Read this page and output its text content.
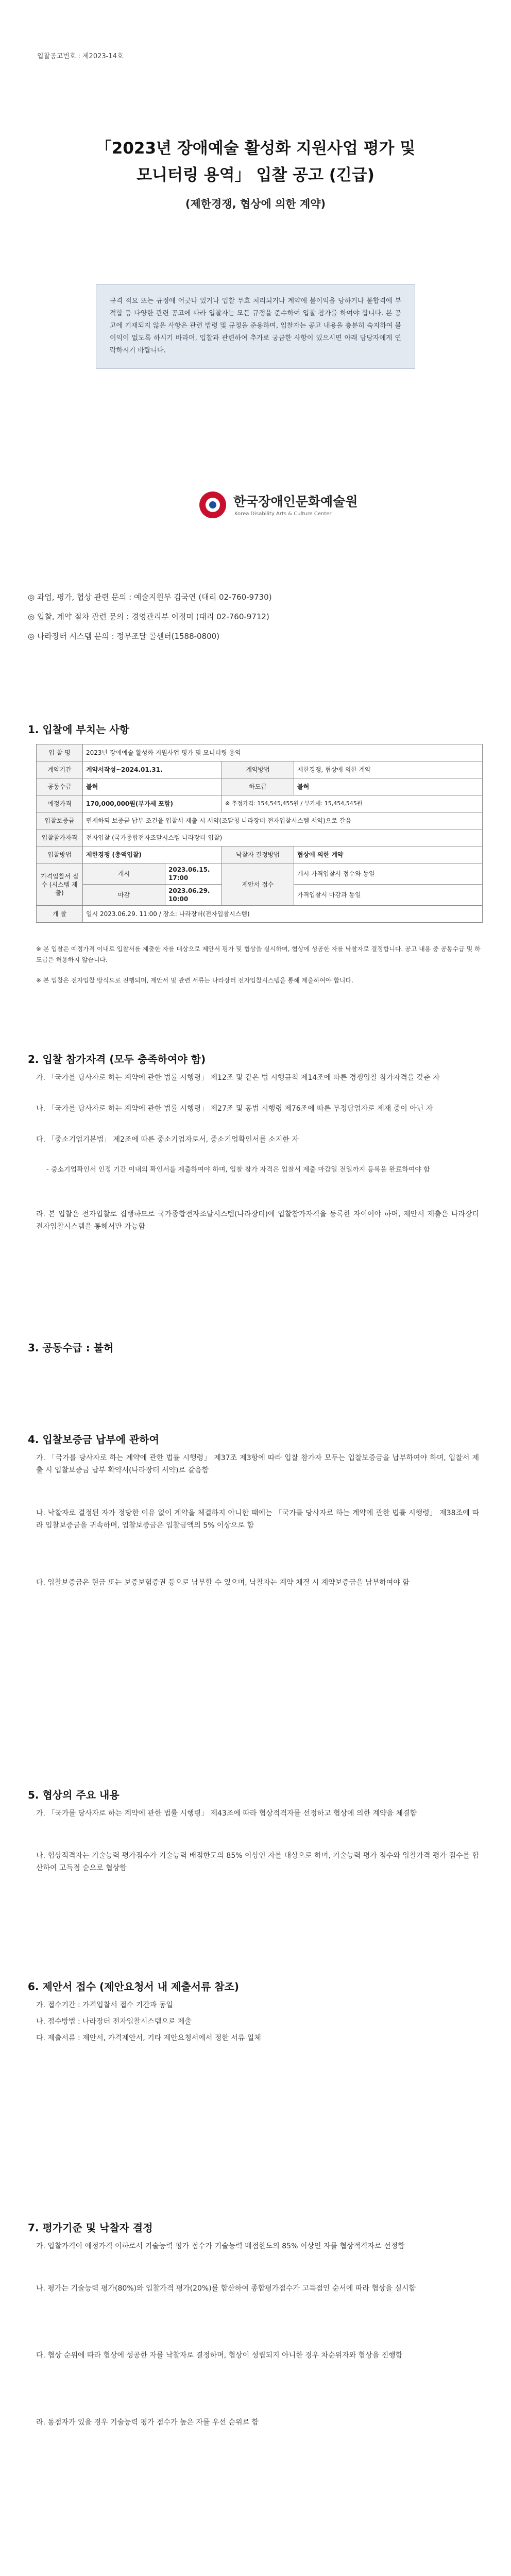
입찰공고번호 : 제2023-14호
「2023년 장애예술 활성화 지원사업 평가 및
모니터링 용역」 입찰 공고 (긴급)
(제한경쟁, 협상에 의한 계약)
규격 적요 또는 규정에 어긋나 있거나 입찰 무효 처리되거나 계약에 불이익을 당하거나 불합격에 부적합 등 다양한 관련 공고에 따라 입찰자는 모든 규정을 준수하여 입찰 참가를 하여야 합니다. 본 공고에 기재되지 않은 사항은 관련 법령 및 규정을 준용하며, 입찰자는 공고 내용을 충분히 숙지하여 불이익이 없도록 하시기 바라며, 입찰과 관련하여 추가로 궁금한 사항이 있으시면 아래 담당자에게 연락하시기 바랍니다.
한국장애인문화예술원
Korea Disability Arts & Culture Center
◎ 과업, 평가, 협상 관련 문의 : 예술지원부 김국연 (대리 02-760-9730)
◎ 입찰, 계약 절차 관련 문의 : 경영관리부 이정미 (대리 02-760-9712)
◎ 나라장터 시스템 문의 : 정부조달 콜센터(1588-0800)
1. 입찰에 부치는 사항
입 찰 명	2023년 장애예술 활성화 지원사업 평가 및 모니터링 용역			
계약기간	계약서작성~2024.01.31.		계약방법	제한경쟁, 협상에 의한 계약
공동수급	불허		하도급	불허
예정가격	170,000,000원(부가세 포함)		※ 추정가격: 154,545,455원 / 부가세: 15,454,545원	
입찰보증금	면제하되 보증금 납부 조건을 입찰서 제출 시 서약(조달청 나라장터 전자입찰시스템 서약)으로 갈음			
입찰참가자격	전자입찰 (국가종합전자조달시스템 나라장터 입찰)			
입찰방법	제한경쟁 (총액입찰)		낙찰자 결정방법	협상에 의한 계약
가격입찰서 접수 (시스템 제출)	개시	2023.06.15. 17:00	제안서 접수	개시 가격입찰서 접수와 동일
	마감	2023.06.29. 10:00		가격입찰서 마감과 동일
개 찰	일시 2023.06.29. 11:00 / 장소: 나라장터(전자입찰시스템)			
※ 본 입찰은 예정가격 이내로 입찰서를 제출한 자를 대상으로 제안서 평가 및 협상을 실시하며, 협상에 성공한 자를 낙찰자로 결정합니다. 공고 내용 중 공동수급 및 하도급은 허용하지 않습니다.
※ 본 입찰은 전자입찰 방식으로 진행되며, 제안서 및 관련 서류는 나라장터 전자입찰시스템을 통해 제출하여야 합니다.
2. 입찰 참가자격 (모두 충족하여야 함)
가. 「국가를 당사자로 하는 계약에 관한 법률 시행령」 제12조 및 같은 법 시행규칙 제14조에 따른 경쟁입찰 참가자격을 갖춘 자
나. 「국가를 당사자로 하는 계약에 관한 법률 시행령」 제27조 및 동법 시행령 제76조에 따른 부정당업자로 제재 중이 아닌 자
다. 「중소기업기본법」 제2조에 따른 중소기업자로서, 중소기업확인서를 소지한 자
- 중소기업확인서 인정 기간 이내의 확인서를 제출하여야 하며, 입찰 참가 자격은 입찰서 제출 마감일 전일까지 등록을 완료하여야 함
라. 본 입찰은 전자입찰로 집행하므로 국가종합전자조달시스템(나라장터)에 입찰참가자격을 등록한 자이어야 하며, 제안서 제출은 나라장터 전자입찰시스템을 통해서만 가능함
3. 공동수급 : 불허
4. 입찰보증금 납부에 관하여
가. 「국가를 당사자로 하는 계약에 관한 법률 시행령」 제37조 제3항에 따라 입찰 참가자 모두는 입찰보증금을 납부하여야 하며, 입찰서 제출 시 입찰보증금 납부 확약서(나라장터 서약)로 갈음함
나. 낙찰자로 결정된 자가 정당한 이유 없이 계약을 체결하지 아니한 때에는 「국가를 당사자로 하는 계약에 관한 법률 시행령」 제38조에 따라 입찰보증금을 귀속하며, 입찰보증금은 입찰금액의 5% 이상으로 함
다. 입찰보증금은 현금 또는 보증보험증권 등으로 납부할 수 있으며, 낙찰자는 계약 체결 시 계약보증금을 납부하여야 함
5. 협상의 주요 내용
가. 「국가를 당사자로 하는 계약에 관한 법률 시행령」 제43조에 따라 협상적격자를 선정하고 협상에 의한 계약을 체결함
나. 협상적격자는 기술능력 평가점수가 기술능력 배점한도의 85% 이상인 자를 대상으로 하며, 기술능력 평가 점수와 입찰가격 평가 점수를 합산하여 고득점 순으로 협상함
6. 제안서 접수 (제안요청서 내 제출서류 참조)
가. 접수기간 : 가격입찰서 접수 기간과 동일
나. 접수방법 : 나라장터 전자입찰시스템으로 제출
다. 제출서류 : 제안서, 가격제안서, 기타 제안요청서에서 정한 서류 일체
7. 평가기준 및 낙찰자 결정
가. 입찰가격이 예정가격 이하로서 기술능력 평가 점수가 기술능력 배점한도의 85% 이상인 자를 협상적격자로 선정함
나. 평가는 기술능력 평가(80%)와 입찰가격 평가(20%)를 합산하여 종합평가점수가 고득점인 순서에 따라 협상을 실시함
다. 협상 순위에 따라 협상에 성공한 자를 낙찰자로 결정하며, 협상이 성립되지 아니한 경우 차순위자와 협상을 진행함
라. 동점자가 있을 경우 기술능력 평가 점수가 높은 자를 우선 순위로 함
